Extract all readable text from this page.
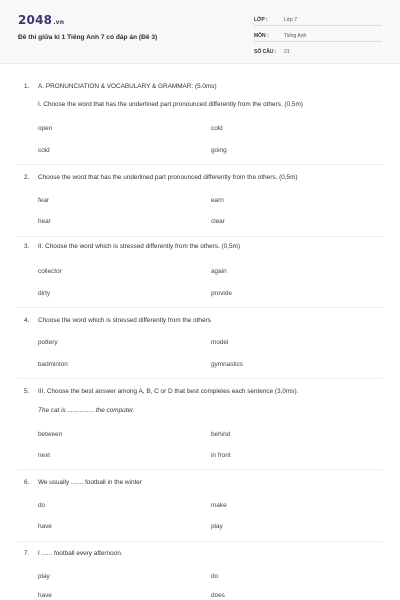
2048.vn
Đề thi giữa kì 1 Tiếng Anh 7 có đáp án (Đề 3)
LỚP :	Lớp 7
MÔN :	Tiếng Anh
SỐ CÂU : 21
1. A. PRONUNCIATION & VOCABULARY & GRAMMAR: (5.0ms)
I. Choose the word that has the underlined part pronounced differently from the others. (0,5m)
open	cold
cold	going
2. Choose the word that has the underlined part pronounced differently from the others. (0,5m)
fear	earn
hear	clear
3. II. Choose the word which is stressed differently from the others. (0,5m)
collector	again
dirty	provide
4. Choose the word which is stressed differently from the others
pottery	model
badminton	gymnastics
5. III. Choose the best answer among A, B, C or D that best completes each sentence (3,0ms).
The cat is ............... the computer.
between	behind
next	in front
6. We usually ....... football in the winter
do	make
have	play
7. I ...... football every afternoon.
play	do
have	does
